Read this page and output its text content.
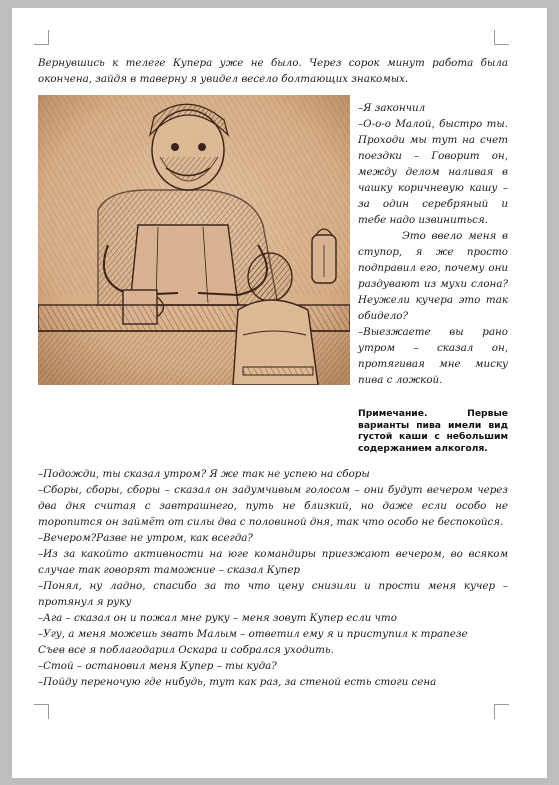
Вернувшись к телеге Купера уже не было. Через сорок минут работа была окончена, зайдя в таверну я увидел весело болтающих знакомых.

–Я закончил

–О-о-о Малой, быстро ты. Проходи мы тут на счет поездки – Говорит он, между делом наливая в чашку коричневую кашу – за один серебряный и тебе надо извиниться.

Это ввело меня в ступор, я же просто подправил его, почему они раздувают из мухи слона? Неужели кучера это так обидело?

–Выезжаете вы рано утром – сказал он, протягивая мне миску пива с ложкой.

Примечание. Первые варианты пива имели вид густой каши с небольшим содержанием алкоголя.

–Подожди, ты сказал утром? Я же так не успею на сборы

–Сборы, сборы, сборы – сказал он задумчивым голосом – они будут вечером через два дня считая с завтрашнего, путь не близкий, но даже если особо не торопится он займёт от силы два с половиной дня, так что особо не беспокойся.

–Вечером?Разве не утром, как всегда?

–Из за какойто активности на юге командиры приезжают вечером, во всяком случае так говорят таможние – сказал Купер

–Понял, ну ладно, спасибо за то что цену снизили и прости меня кучер – протянул я руку

–Ага – сказал он и пожал мне руку – меня зовут Купер если что

–Угу, а меня можешь звать Малым – ответил ему я и приступил к трапезе

Съев все я поблагодарил Оскара и собрался уходить.

–Стой – остановил меня Купер – ты куда?

–Пойду переночую где нибудь, тут как раз, за стеной есть стоги сена
